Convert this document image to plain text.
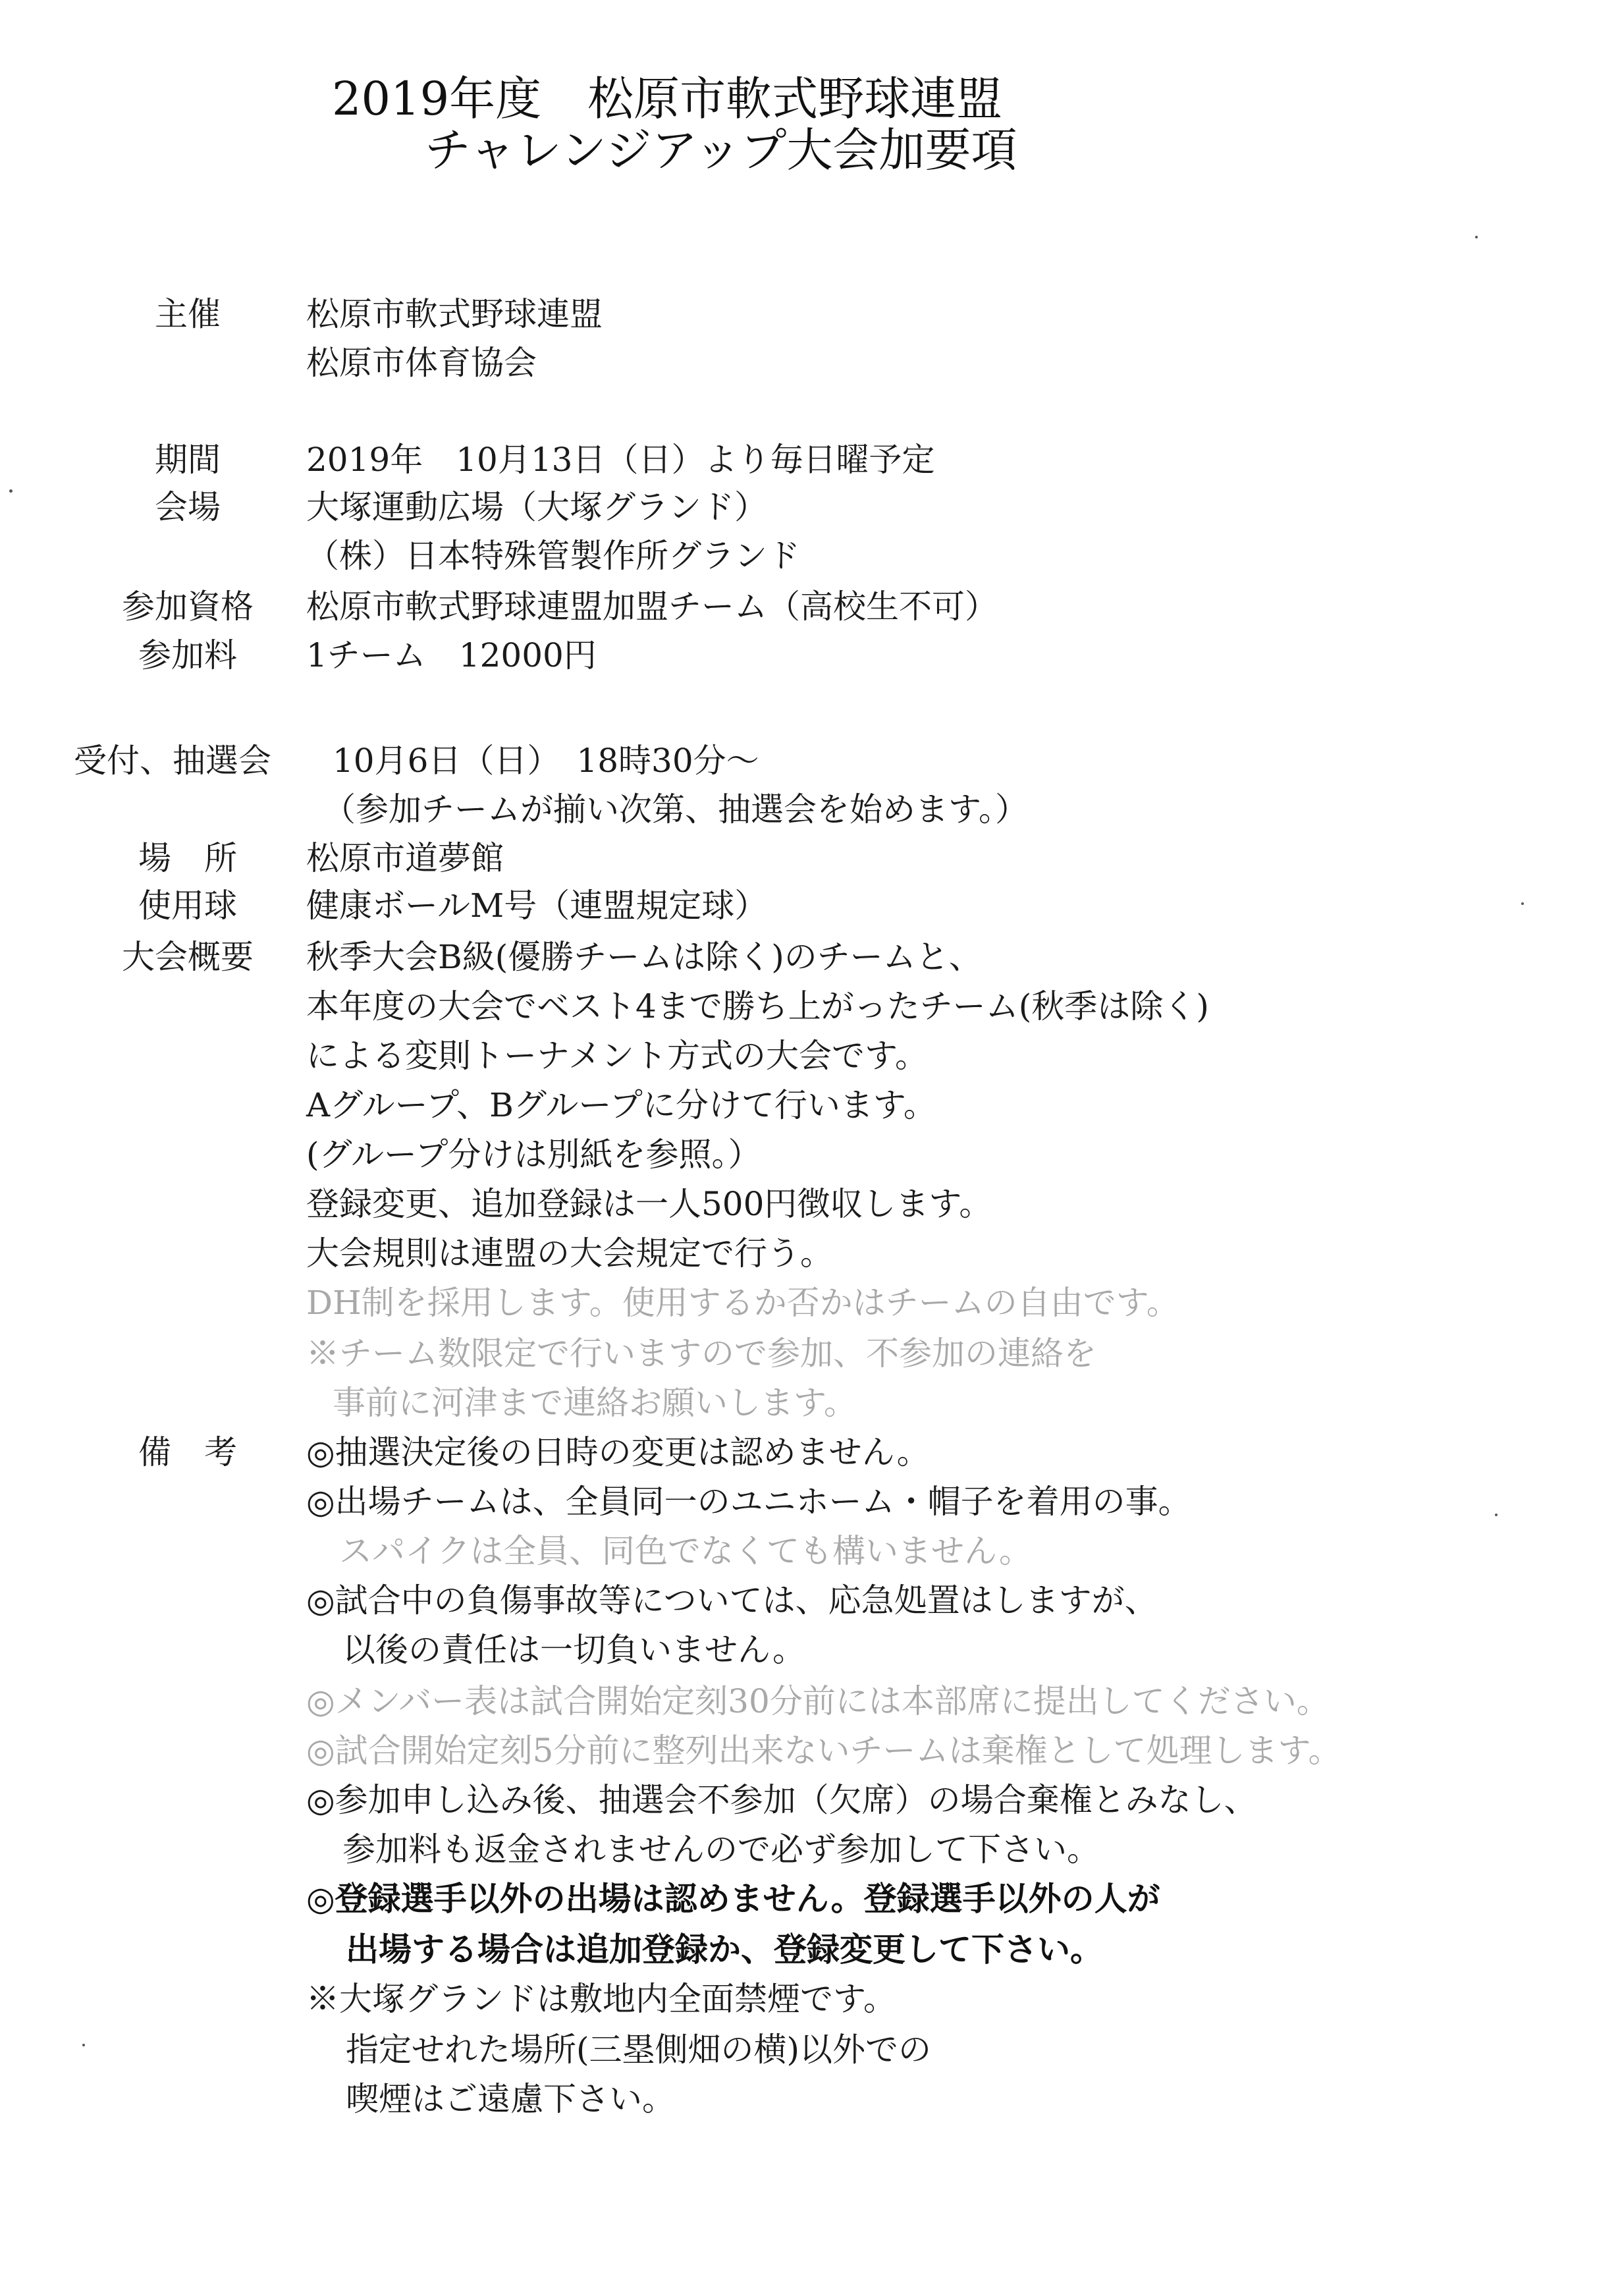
2019年度　松原市軟式野球連盟
チャレンジアップ大会加要項
主催	松原市軟式野球連盟
松原市体育協会
期間	2019年　10月13日（日）より毎日曜予定
会場	大塚運動広場（大塚グランド）
（株）日本特殊管製作所グランド
参加資格	松原市軟式野球連盟加盟チーム（高校生不可）
参加料	1チーム　12000円
受付、抽選会 10月6日（日）　18時30分～
（参加チームが揃い次第、抽選会を始めます。）
場　所	松原市道夢館
使用球	健康ボールM号（連盟規定球）
大会概要	秋季大会B級(優勝チームは除く)のチームと、
本年度の大会でベスト4まで勝ち上がったチーム(秋季は除く)
による変則トーナメント方式の大会です。
Aグループ、Bグループに分けて行います。
(グループ分けは別紙を参照。）
登録変更、追加登録は一人500円徴収します。
大会規則は連盟の大会規定で行う。
DH制を採用します。使用するか否かはチームの自由です。
※チーム数限定で行いますので参加、不参加の連絡を
事前に河津まで連絡お願いします。
備　考	◎抽選決定後の日時の変更は認めません。
◎出場チームは、全員同一のユニホーム・帽子を着用の事。
スパイクは全員、同色でなくても構いません。
◎試合中の負傷事故等については、応急処置はしますが、
以後の責任は一切負いません。
◎メンバー表は試合開始定刻30分前には本部席に提出してください。
◎試合開始定刻5分前に整列出来ないチームは棄権として処理します。
◎参加申し込み後、抽選会不参加（欠席）の場合棄権とみなし、
参加料も返金されませんので必ず参加して下さい。
◎登録選手以外の出場は認めません。登録選手以外の人が
出場する場合は追加登録か、登録変更して下さい。
※大塚グランドは敷地内全面禁煙です。
指定せれた場所(三塁側畑の横)以外での
喫煙はご遠慮下さい。
